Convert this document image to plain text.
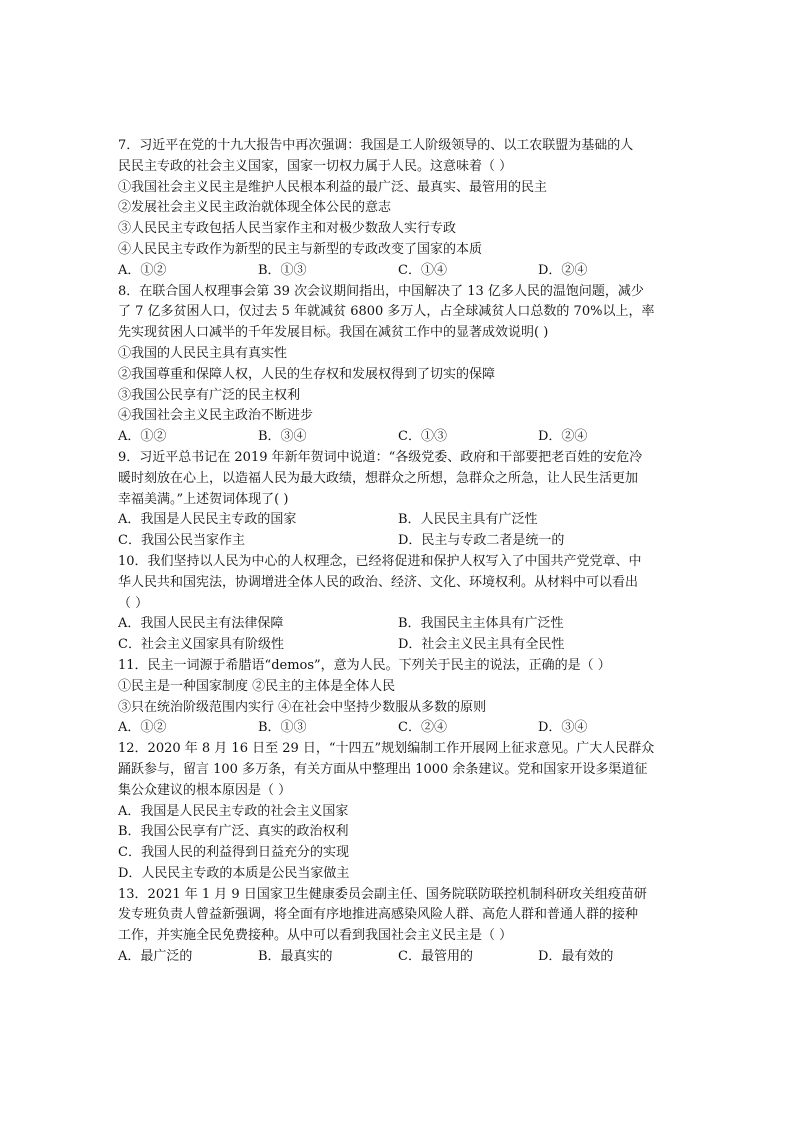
7．习近平在党的十九大报告中再次强调：我国是工人阶级领导的、以工农联盟为基础的人
民民主专政的社会主义国家，国家一切权力属于人民。这意味着（ ）
①我国社会主义民主是维护人民根本利益的最广泛、最真实、最管用的民主
②发展社会主义民主政治就体现全体公民的意志
③人民民主专政包括人民当家作主和对极少数敌人实行专政
④人民民主专政作为新型的民主与新型的专政改变了国家的本质
A．①②	B．①③	C．①④	D．②④
8．在联合国人权理事会第 39 次会议期间指出，中国解决了 13 亿多人民的温饱问题，减少
了 7 亿多贫困人口，仅过去 5 年就减贫 6800 多万人，占全球减贫人口总数的 70%以上，率
先实现贫困人口减半的千年发展目标。我国在减贫工作中的显著成效说明( )
①我国的人民民主具有真实性
②我国尊重和保障人权，人民的生存权和发展权得到了切实的保障
③我国公民享有广泛的民主权利
④我国社会主义民主政治不断进步
A．①②	B．③④	C．①③	D．②④
9．习近平总书记在 2019 年新年贺词中说道：“各级党委、政府和干部要把老百姓的安危冷
暖时刻放在心上，以造福人民为最大政绩，想群众之所想，急群众之所急，让人民生活更加
幸福美满。”上述贺词体现了( )
A．我国是人民民主专政的国家	B．人民民主具有广泛性
C．我国公民当家作主	D．民主与专政二者是统一的
10．我们坚持以人民为中心的人权理念，已经将促进和保护人权写入了中国共产党党章、中
华人民共和国宪法，协调增进全体人民的政治、经济、文化、环境权利。从材料中可以看出
（ ）
A．我国人民民主有法律保障	B．我国民主主体具有广泛性
C．社会主义国家具有阶级性	D．社会主义民主具有全民性
11．民主一词源于希腊语“demos”，意为人民。下列关于民主的说法，正确的是（ ）
①民主是一种国家制度 ②民主的主体是全体人民
③只在统治阶级范围内实行 ④在社会中坚持少数服从多数的原则
A．①②	B．①③	C．②④	D．③④
12．2020 年 8 月 16 日至 29 日，“十四五”规划编制工作开展网上征求意见。广大人民群众
踊跃参与，留言 100 多万条，有关方面从中整理出 1000 余条建议。党和国家开设多渠道征
集公众建议的根本原因是（ ）
A．我国是人民民主专政的社会主义国家
B．我国公民享有广泛、真实的政治权利
C．我国人民的利益得到日益充分的实现
D．人民民主专政的本质是公民当家做主
13．2021 年 1 月 9 日国家卫生健康委员会副主任、国务院联防联控机制科研攻关组疫苗研
发专班负责人曾益新强调，将全面有序地推进高感染风险人群、高危人群和普通人群的接种
工作，并实施全民免费接种。从中可以看到我国社会主义民主是（ ）
A．最广泛的	B．最真实的	C．最管用的	D．最有效的
